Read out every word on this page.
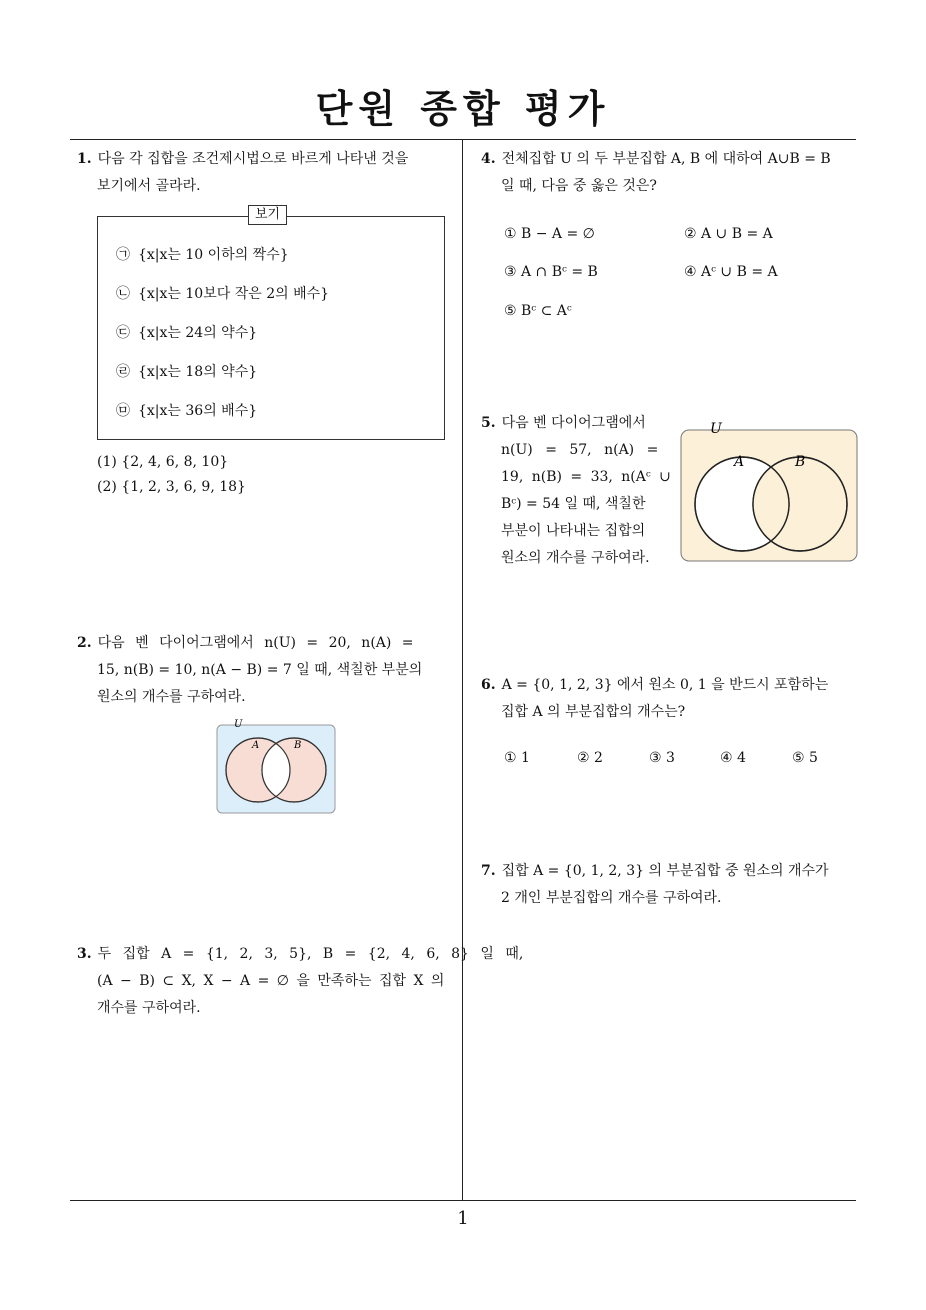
단원 종합 평가
1. 다음 각 집합을 조건제시법으로 바르게 나타낸 것을
보기에서 골라라.
보기
㉠ {x|x는 10 이하의 짝수}
㉡ {x|x는 10보다 작은 2의 배수}
㉢ {x|x는 24의 약수}
㉣ {x|x는 18의 약수}
㉤ {x|x는 36의 배수}
(1) {2, 4, 6, 8, 10}
(2) {1, 2, 3, 6, 9, 18}
2. 다음 벤 다이어그램에서 n(U) = 20, n(A) =
15, n(B) = 10, n(A − B) = 7 일 때, 색칠한 부분의
원소의 개수를 구하여라.
U
A	B
3. 두 집합 A = {1, 2, 3, 5}, B = {2, 4, 6, 8} 일 때,
(A − B) ⊂ X, X − A = ∅ 을 만족하는 집합 X 의
개수를 구하여라.
4. 전체집합 U 의 두 부분집합 A, B 에 대하여 A∪B = B
일 때, 다음 중 옳은 것은?
① B − A = ∅	② A ∪ B = A
③ A ∩ Bᶜ = B	④ Aᶜ ∪ B = A
⑤ Bᶜ ⊂ Aᶜ
5. 다음 벤 다이어그램에서
n(U) = 57, n(A) =
19, n(B) = 33, n(Aᶜ ∪
Bᶜ) = 54 일 때, 색칠한
부분이 나타내는 집합의
원소의 개수를 구하여라.
U
A	B
6. A = {0, 1, 2, 3} 에서 원소 0, 1 을 반드시 포함하는
집합 A 의 부분집합의 개수는?
① 1	② 2	③ 3	④ 4	⑤ 5
7. 집합 A = {0, 1, 2, 3} 의 부분집합 중 원소의 개수가
2 개인 부분집합의 개수를 구하여라.
1
